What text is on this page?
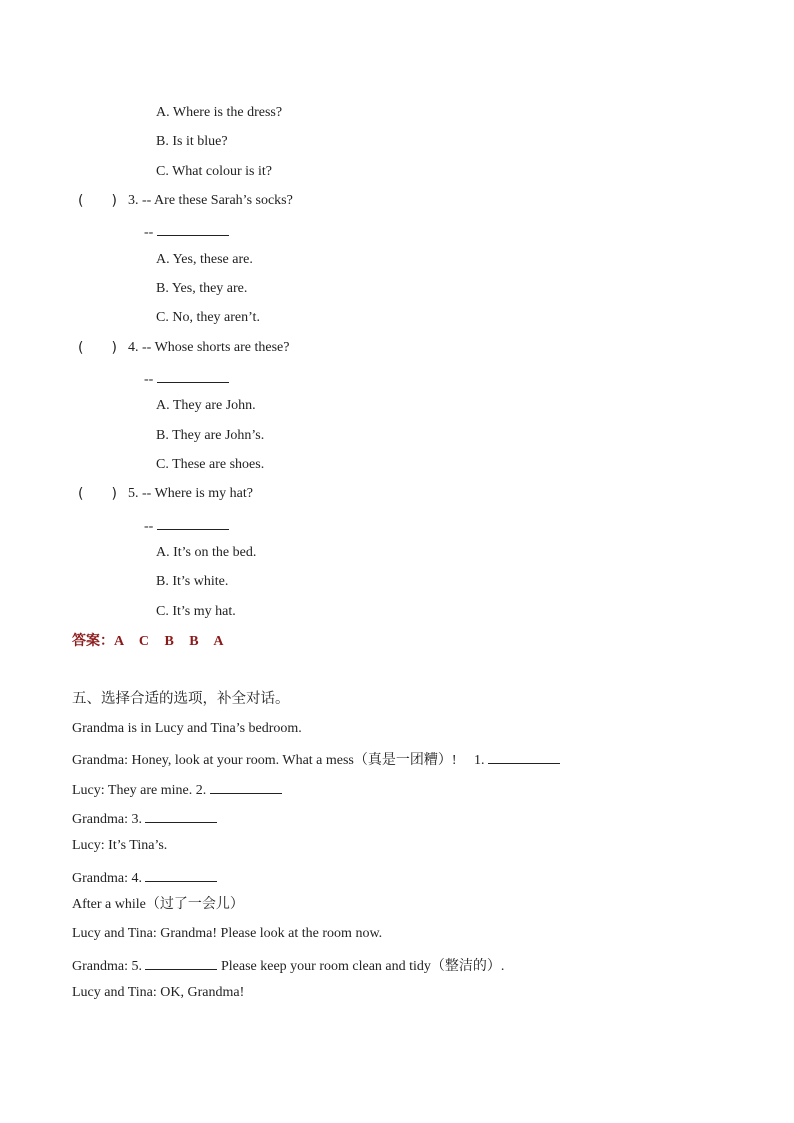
A. Where is the dress?
B. Is it blue?
C. What colour is it?
(　　) 3. -- Are these Sarah’s socks?
--
A. Yes, these are.
B. Yes, they are.
C. No, they aren’t.
(　　) 4. -- Whose shorts are these?
--
A. They are John.
B. They are John’s.
C. These are shoes.
(　　) 5. -- Where is my hat?
--
A. It’s on the bed.
B. It’s white.
C. It’s my hat.
答案：A C B B A
五、选择合适的选项，补全对话。
Grandma is in Lucy and Tina’s bedroom.
Grandma: Honey, look at your room. What a mess（真是一团糟）! 1.
Lucy: They are mine. 2.
Grandma: 3.
Lucy: It’s Tina’s.
Grandma: 4.
After a while（过了一会儿）
Lucy and Tina: Grandma! Please look at the room now.
Grandma: 5.	Please keep your room clean and tidy（整洁的）.
Lucy and Tina: OK, Grandma!
